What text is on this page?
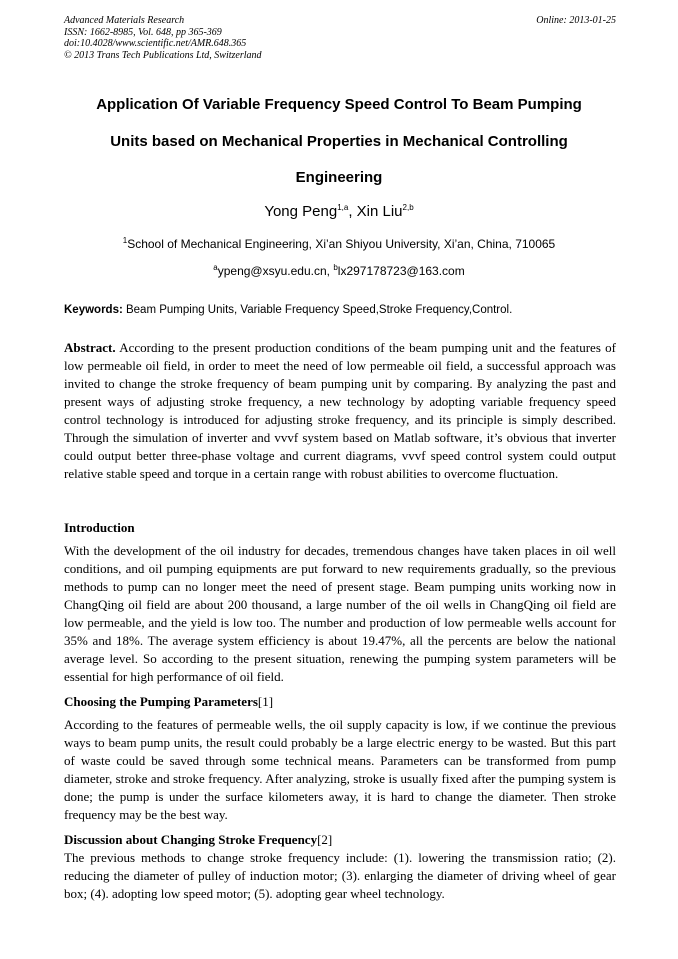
Advanced Materials Research
ISSN: 1662-8985, Vol. 648, pp 365-369
doi:10.4028/www.scientific.net/AMR.648.365
© 2013 Trans Tech Publications Ltd, Switzerland
Online: 2013-01-25
Application Of Variable Frequency Speed Control To Beam Pumping
Units based on Mechanical Properties in Mechanical Controlling
Engineering
Yong Peng$^{1,a}$, Xin Liu$^{2,b}$
$^1$School of Mechanical Engineering, Xi’an Shiyou University, Xi’an, China, 710065
$^a$ypeng@xsyu.edu.cn, $^b$lx297178723@163.com
Keywords: Beam Pumping Units, Variable Frequency Speed,Stroke Frequency,Control.
Abstract. According to the present production conditions of the beam pumping unit and the features of low permeable oil field, in order to meet the need of low permeable oil field, a successful approach was invited to change the stroke frequency of beam pumping unit by comparing. By analyzing the past and present ways of adjusting stroke frequency, a new technology by adopting variable frequency speed control technology is introduced for adjusting stroke frequency, and its principle is simply described. Through the simulation of inverter and vvvf system based on Matlab software, it’s obvious that inverter could output better three-phase voltage and current diagrams, vvvf speed control system could output relative stable speed and torque in a certain range with robust abilities to overcome fluctuation.
Introduction
With the development of the oil industry for decades, tremendous changes have taken places in oil well conditions, and oil pumping equipments are put forward to new requirements gradually, so the previous methods to pump can no longer meet the need of present stage. Beam pumping units working now in ChangQing oil field are about 200 thousand, a large number of the oil wells in ChangQing oil field are low permeable, and the yield is low too. The number and production of low permeable wells account for 35% and 18%. The average system efficiency is about 19.47%, all the percents are below the national average level. So according to the present situation, renewing the pumping system parameters will be essential for high performance of oil field.
Choosing the Pumping Parameters[1]
According to the features of permeable wells, the oil supply capacity is low, if we continue the previous ways to beam pump units, the result could probably be a large electric energy to be wasted. But this part of waste could be saved through some technical means. Parameters can be transformed from pump diameter, stroke and stroke frequency. After analyzing, stroke is usually fixed after the pumping system is done; the pump is under the surface kilometers away, it is hard to change the diameter. Then stroke frequency may be the best way.
Discussion about Changing Stroke Frequency[2]
The previous methods to change stroke frequency include: (1). lowering the transmission ratio; (2). reducing the diameter of pulley of induction motor; (3). enlarging the diameter of driving wheel of gear box; (4). adopting low speed motor; (5). adopting gear wheel technology.
